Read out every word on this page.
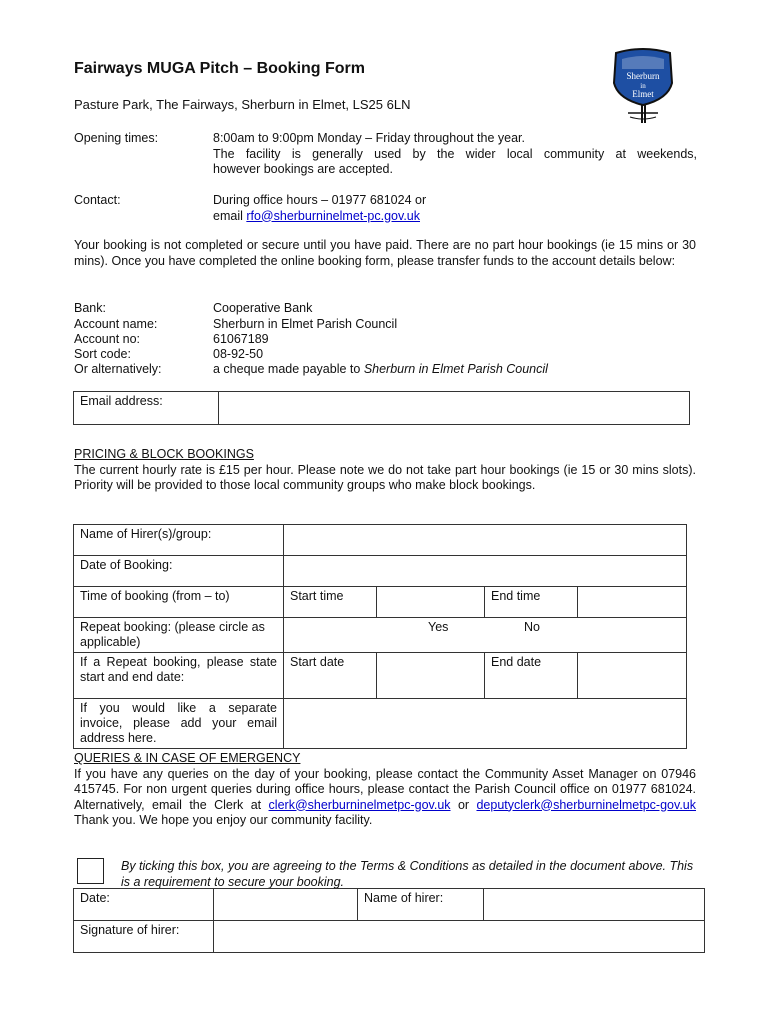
Fairways MUGA Pitch – Booking Form
Pasture Park, The Fairways, Sherburn in Elmet, LS25 6LN
Sherburn
in
Elmet
Opening times:	8:00am to 9:00pm Monday – Friday throughout the year.
The facility is generally used by the wider local community at weekends,
however bookings are accepted.
Contact:	During office hours – 01977 681024 or
email rfo@sherburninelmet-pc.gov.uk
Your booking is not completed or secure until you have paid. There are no part hour bookings (ie 15 mins or 30 mins). Once you have completed the online booking form, please transfer funds to the account details below:
Bank:	Cooperative Bank
Account name:	Sherburn in Elmet Parish Council
Account no:	61067189
Sort code:	08-92-50
Or alternatively:	a cheque made payable to Sherburn in Elmet Parish Council
Email address:	

PRICING & BLOCK BOOKINGS

The current hourly rate is £15 per hour. Please note we do not take part hour bookings (ie 15 or 30 mins slots). Priority will be provided to those local community groups who make block bookings.

Name of Hirer(s)/group:				
Date of Booking:				
Time of booking (from – to)	Start time		End time	
Repeat booking: (please circle as applicable)	Yes No			

If a Repeat booking, please state start and end date:	Start date		End date	
If you would like a separate invoice, please add your email address here.				

QUERIES & IN CASE OF EMERGENCY

If you have any queries on the day of your booking, please contact the Community Asset Manager on 07946 415745. For non urgent queries during office hours, please contact the Parish Council office on 01977 681024. Alternatively, email the Clerk at clerk@sherburninelmetpc-gov.uk or deputyclerk@sherburninelmetpc-gov.uk Thank you. We hope you enjoy our community facility.

By ticking this box, you are agreeing to the Terms & Conditions as detailed in the document above. This is a requirement to secure your booking.
Date:		Name of hirer:	
Signature of hirer:			
